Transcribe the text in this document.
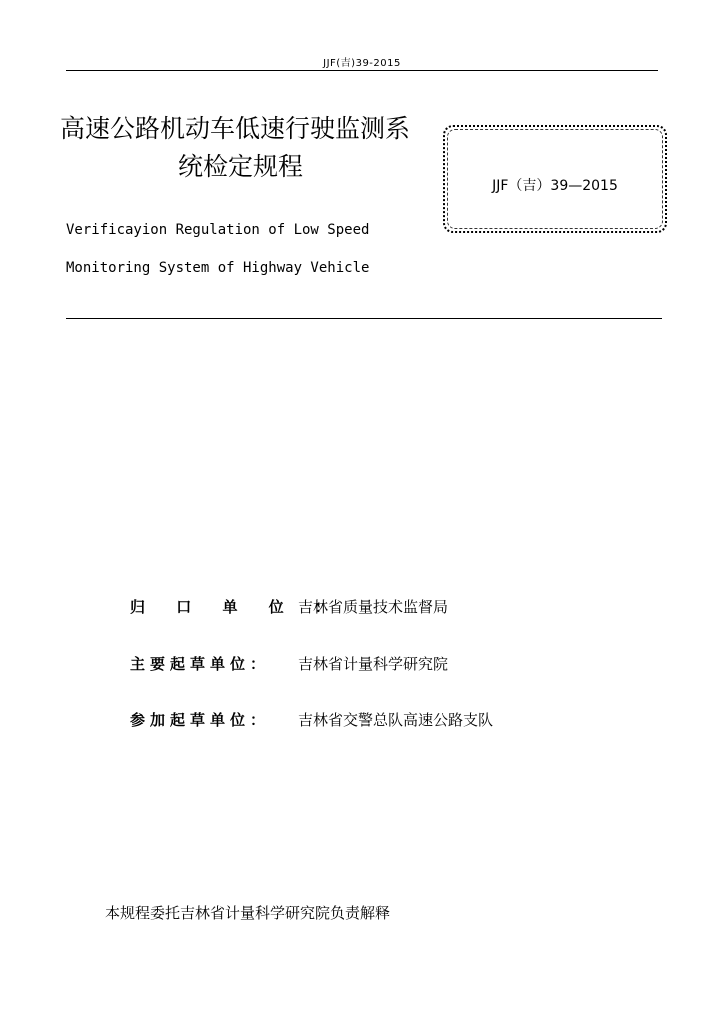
JJF(吉)39-2015
高速公路机动车低速行驶监测系
统检定规程
JJF（吉）39—2015
Verificayion Regulation of Low Speed
Monitoring System of Highway Vehicle
归 口 单 位 ：吉林省质量技术监督局
主要起草单位： 吉林省计量科学研究院
参加起草单位： 吉林省交警总队高速公路支队
本规程委托吉林省计量科学研究院负责解释
